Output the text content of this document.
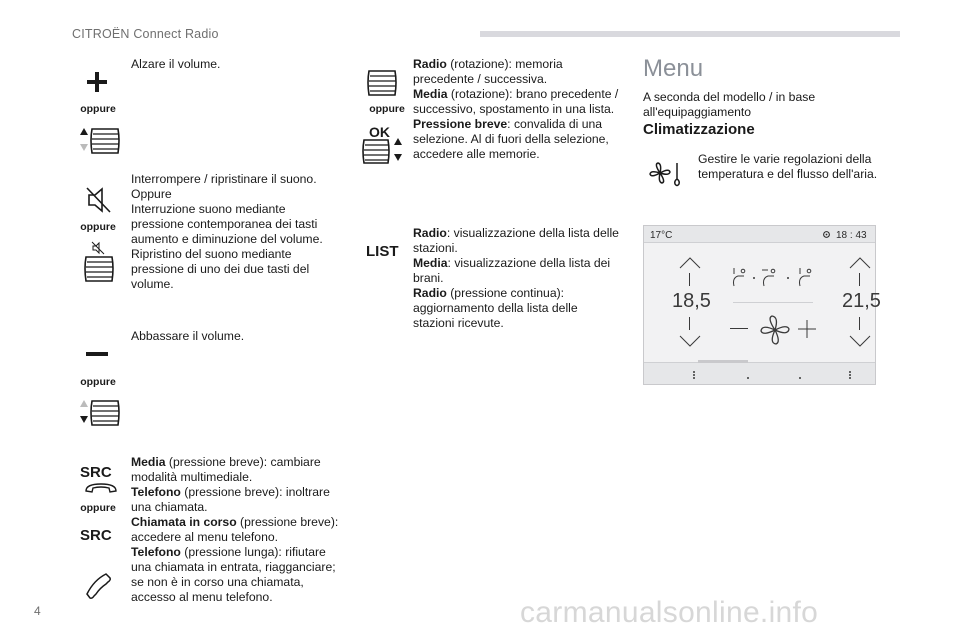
CITROËN Connect Radio
oppure
Alzare il volume.
oppure
Interrompere / ripristinare il suono.
Oppure
Interruzione suono mediante
pressione contemporanea dei tasti
aumento e diminuzione del volume.
Ripristino del suono mediante
pressione di uno dei due tasti del
volume.
oppure
Abbassare il volume.
SRC
oppure
SRC
Media (pressione breve): cambiare
modalità multimediale.
Telefono (pressione breve): inoltrare
una chiamata.
Chiamata in corso (pressione breve):
accedere al menu telefono.
Telefono (pressione lunga): rifiutare
una chiamata in entrata, riagganciare;
se non è in corso una chiamata,
accesso al menu telefono.
oppure
OK
Radio (rotazione): memoria
precedente / successiva.
Media (rotazione): brano precedente /
successivo, spostamento in una lista.
Pressione breve: convalida di una
selezione. Al di fuori della selezione,
accedere alle memorie.
LIST
Radio: visualizzazione della lista delle
stazioni.
Media: visualizzazione della lista dei
brani.
Radio (pressione continua):
aggiornamento della lista delle
stazioni ricevute.
Menu
A seconda del modello / in base
all'equipaggiamento
Climatizzazione
Gestire le varie regolazioni della
temperatura e del flusso dell'aria.
17°C	18 : 43
18,5	21,5
4	carmanualsonline.info
